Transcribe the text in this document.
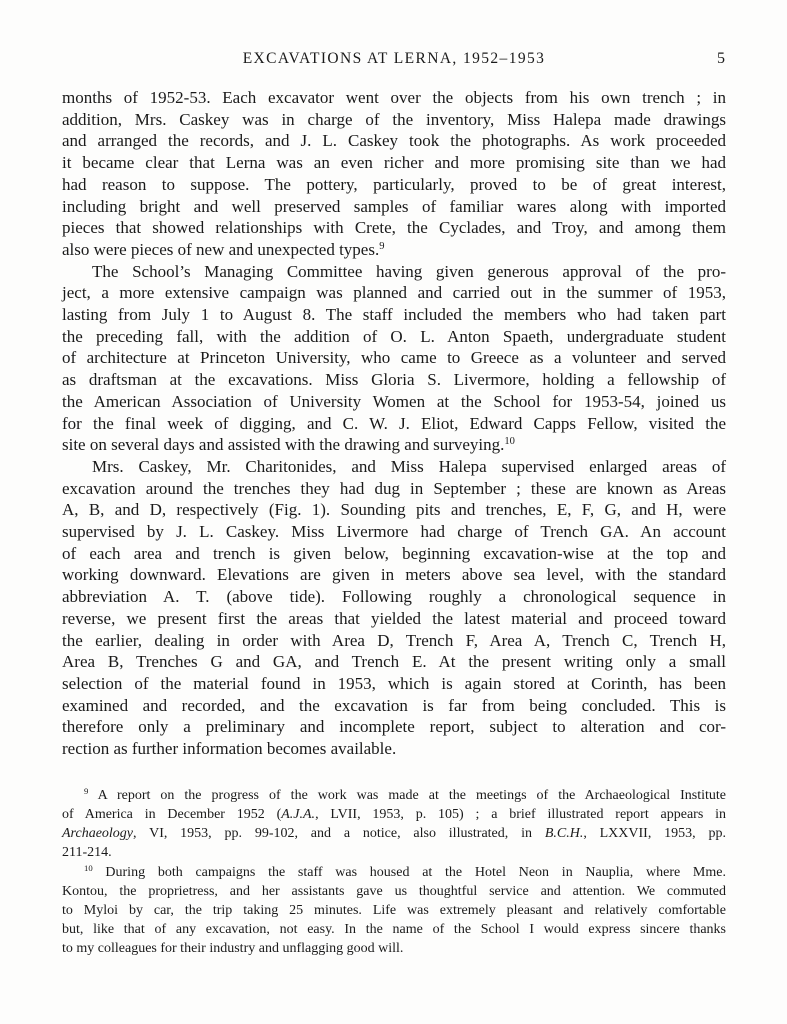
EXCAVATIONS AT LERNA, 1952–1953	5
months of 1952-53. Each excavator went over the objects from his own trench ; in
addition, Mrs. Caskey was in charge of the inventory, Miss Halepa made drawings
and arranged the records, and J. L. Caskey took the photographs. As work proceeded
it became clear that Lerna was an even richer and more promising site than we had
had reason to suppose. The pottery, particularly, proved to be of great interest,
including bright and well preserved samples of familiar wares along with imported
pieces that showed relationships with Crete, the Cyclades, and Troy, and among them
also were pieces of new and unexpected types.$^9$
The School’s Managing Committee having given generous approval of the pro-
ject, a more extensive campaign was planned and carried out in the summer of 1953,
lasting from July 1 to August 8. The staff included the members who had taken part
the preceding fall, with the addition of O. L. Anton Spaeth, undergraduate student
of architecture at Princeton University, who came to Greece as a volunteer and served
as draftsman at the excavations. Miss Gloria S. Livermore, holding a fellowship of
the American Association of University Women at the School for 1953-54, joined us
for the final week of digging, and C. W. J. Eliot, Edward Capps Fellow, visited the
site on several days and assisted with the drawing and surveying.$^{10}$
Mrs. Caskey, Mr. Charitonides, and Miss Halepa supervised enlarged areas of
excavation around the trenches they had dug in September ; these are known as Areas
A, B, and D, respectively (Fig. 1). Sounding pits and trenches, E, F, G, and H, were
supervised by J. L. Caskey. Miss Livermore had charge of Trench GA. An account
of each area and trench is given below, beginning excavation-wise at the top and
working downward. Elevations are given in meters above sea level, with the standard
abbreviation A. T. (above tide). Following roughly a chronological sequence in
reverse, we present first the areas that yielded the latest material and proceed toward
the earlier, dealing in order with Area D, Trench F, Area A, Trench C, Trench H,
Area B, Trenches G and GA, and Trench E. At the present writing only a small
selection of the material found in 1953, which is again stored at Corinth, has been
examined and recorded, and the excavation is far from being concluded. This is
therefore only a preliminary and incomplete report, subject to alteration and cor-
rection as further information becomes available.
$^9$ A report on the progress of the work was made at the meetings of the Archaeological Institute
of America in December 1952 (A.J.A., LVII, 1953, p. 105) ; a brief illustrated report appears in
Archaeology, VI, 1953, pp. 99-102, and a notice, also illustrated, in B.C.H., LXXVII, 1953, pp.
211-214.
$^{10}$ During both campaigns the staff was housed at the Hotel Neon in Nauplia, where Mme.
Kontou, the proprietress, and her assistants gave us thoughtful service and attention. We commuted
to Myloi by car, the trip taking 25 minutes. Life was extremely pleasant and relatively comfortable
but, like that of any excavation, not easy. In the name of the School I would express sincere thanks
to my colleagues for their industry and unflagging good will.
